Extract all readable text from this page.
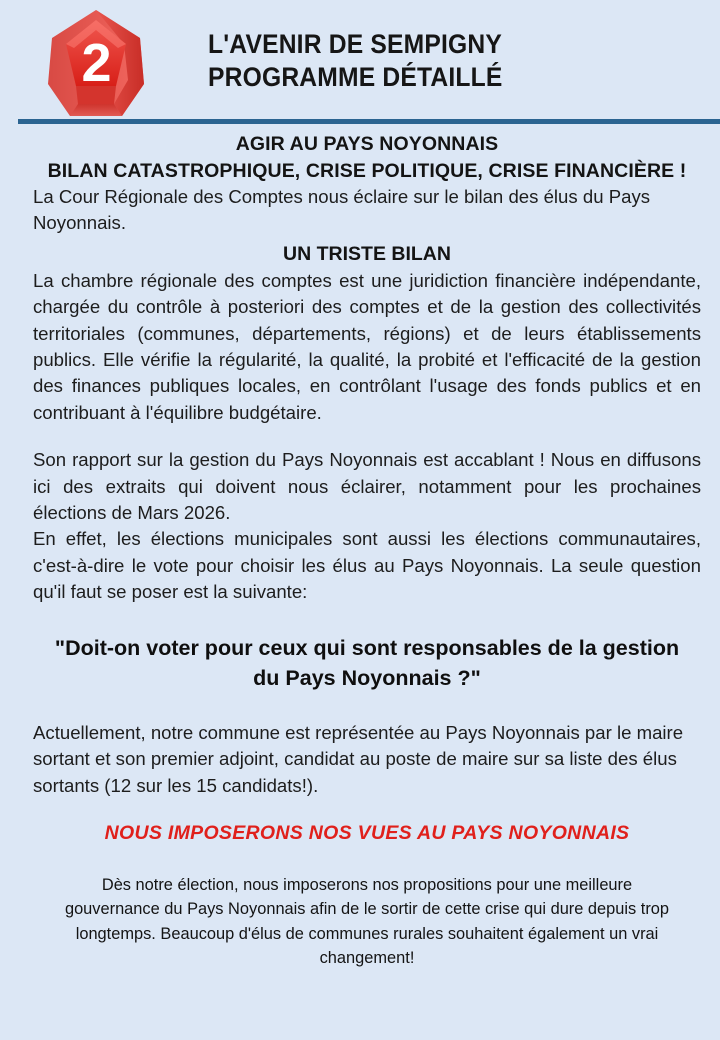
2	L'AVENIR DE SEMPIGNY
PROGRAMME DÉTAILLÉ
AGIR AU PAYS NOYONNAIS
BILAN CATASTROPHIQUE, CRISE POLITIQUE, CRISE FINANCIÈRE !

La Cour Régionale des Comptes nous éclaire sur le bilan des élus du Pays Noyonnais.

UN TRISTE BILAN

La chambre régionale des comptes est une juridiction financière indépendante, chargée du contrôle à posteriori des comptes et de la gestion des collectivités territoriales (communes, départements, régions) et de leurs établissements publics. Elle vérifie la régularité, la qualité, la probité et l'efficacité de la gestion des finances publiques locales, en contrôlant l'usage des fonds publics et en contribuant à l'équilibre budgétaire.

Son rapport sur la gestion du Pays Noyonnais est accablant ! Nous en diffusons ici des extraits qui doivent nous éclairer, notamment pour les prochaines élections de Mars 2026.

En effet, les élections municipales sont aussi les élections communautaires, c'est-à-dire le vote pour choisir les élus au Pays Noyonnais. La seule question qu'il faut se poser est la suivante:

"Doit-on voter pour ceux qui sont responsables de la gestion du Pays Noyonnais ?"

Actuellement, notre commune est représentée au Pays Noyonnais par le maire sortant et son premier adjoint, candidat au poste de maire sur sa liste des élus sortants (12 sur les 15 candidats!).

NOUS IMPOSERONS NOS VUES AU PAYS NOYONNAIS

Dès notre élection, nous imposerons nos propositions pour une meilleure gouvernance du Pays Noyonnais afin de le sortir de cette crise qui dure depuis trop longtemps. Beaucoup d'élus de communes rurales souhaitent également un vrai changement!
